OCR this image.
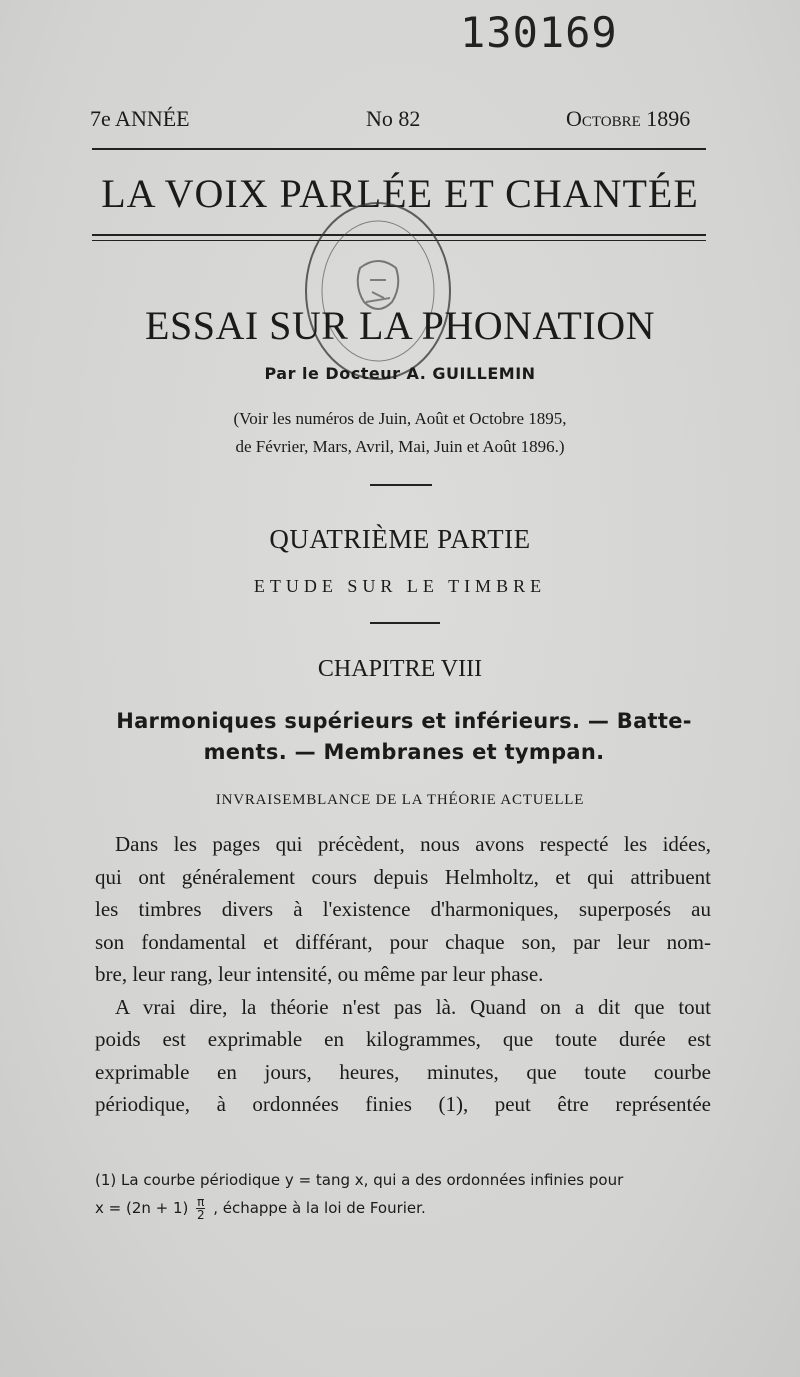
130169
7e ANNÉE	No 82	Octobre 1896
LA VOIX PARLÉE ET CHANTÉE
ESSAI SUR LA PHONATION
Par le Docteur A. GUILLEMIN
(Voir les numéros de Juin, Août et Octobre 1895,
de Février, Mars, Avril, Mai, Juin et Août 1896.)
QUATRIÈME PARTIE
ETUDE SUR LE TIMBRE
CHAPITRE VIII
Harmoniques supérieurs et inférieurs. — Batte-
ments. — Membranes et tympan.
INVRAISEMBLANCE DE LA THÉORIE ACTUELLE
Dans les pages qui précèdent, nous avons respecté les idées,
qui ont généralement cours depuis Helmholtz, et qui attribuent
les timbres divers à l'existence d'harmoniques, superposés au
son fondamental et différant, pour chaque son, par leur nom-
bre, leur rang, leur intensité, ou même par leur phase.
A vrai dire, la théorie n'est pas là. Quand on a dit que tout
poids est exprimable en kilogrammes, que toute durée est
exprimable en jours, heures, minutes, que toute courbe
périodique, à ordonnées finies (1), peut être représentée
(1) La courbe périodique y = tang x, qui a des ordonnées infinies pour
$x = (2n + 1) \frac{\pi}{2}$ , échappe à la loi de Fourier.
